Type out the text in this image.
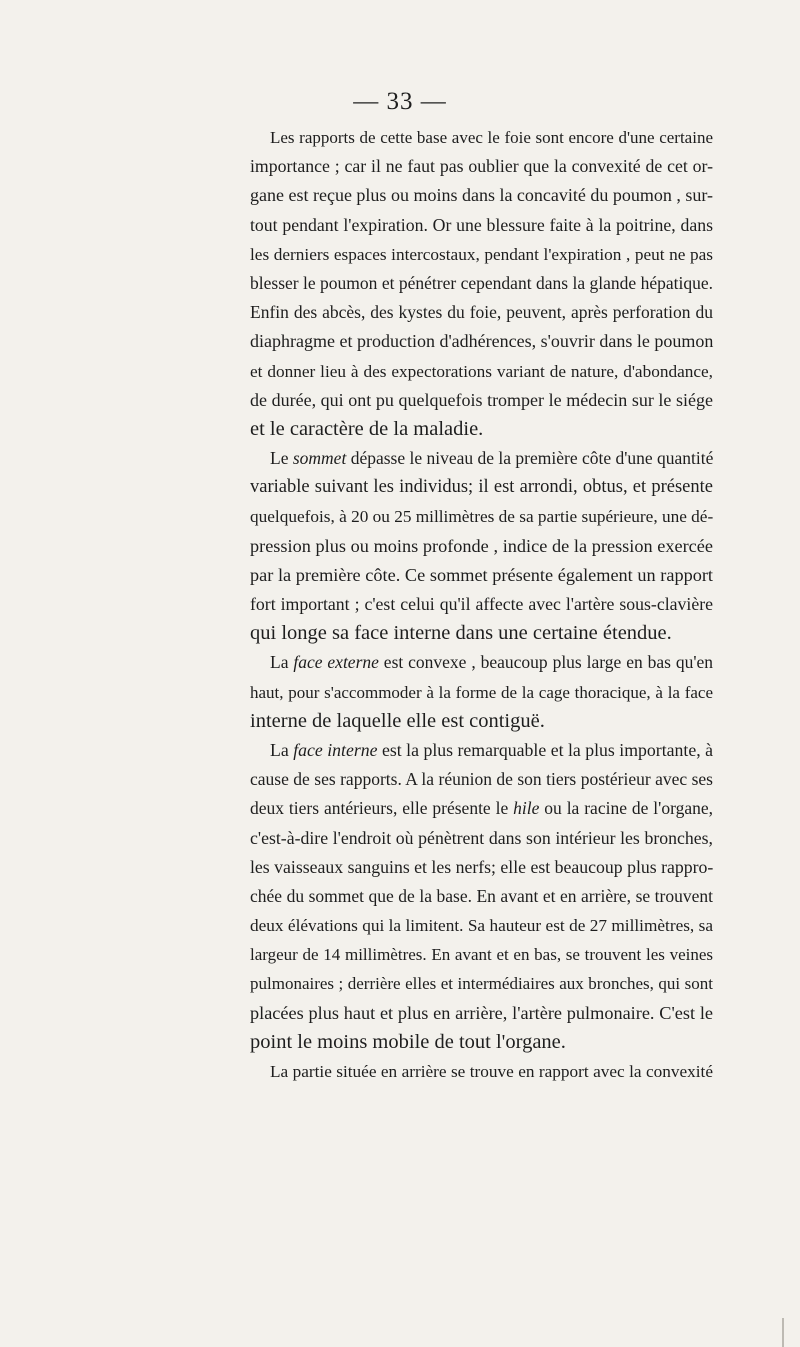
— 33 —
Les rapports de cette base avec le foie sont encore d'une certaine
importance ; car il ne faut pas oublier que la convexité de cet or-
gane est reçue plus ou moins dans la concavité du poumon , sur-
tout pendant l'expiration. Or une blessure faite à la poitrine, dans
les derniers espaces intercostaux, pendant l'expiration , peut ne pas
blesser le poumon et pénétrer cependant dans la glande hépatique.
Enfin des abcès, des kystes du foie, peuvent, après perforation du
diaphragme et production d'adhérences, s'ouvrir dans le poumon
et donner lieu à des expectorations variant de nature, d'abondance,
de durée, qui ont pu quelquefois tromper le médecin sur le siége
et le caractère de la maladie.
Le sommet dépasse le niveau de la première côte d'une quantité
variable suivant les individus; il est arrondi, obtus, et présente
quelquefois, à 20 ou 25 millimètres de sa partie supérieure, une dé-
pression plus ou moins profonde , indice de la pression exercée
par la première côte. Ce sommet présente également un rapport
fort important ; c'est celui qu'il affecte avec l'artère sous-clavière
qui longe sa face interne dans une certaine étendue.
La face externe est convexe , beaucoup plus large en bas qu'en
haut, pour s'accommoder à la forme de la cage thoracique, à la face
interne de laquelle elle est contiguë.
La face interne est la plus remarquable et la plus importante, à
cause de ses rapports. A la réunion de son tiers postérieur avec ses
deux tiers antérieurs, elle présente le hile ou la racine de l'organe,
c'est-à-dire l'endroit où pénètrent dans son intérieur les bronches,
les vaisseaux sanguins et les nerfs; elle est beaucoup plus rappro-
chée du sommet que de la base. En avant et en arrière, se trouvent
deux élévations qui la limitent. Sa hauteur est de 27 millimètres, sa
largeur de 14 millimètres. En avant et en bas, se trouvent les veines
pulmonaires ; derrière elles et intermédiaires aux bronches, qui sont
placées plus haut et plus en arrière, l'artère pulmonaire. C'est le
point le moins mobile de tout l'organe.
La partie située en arrière se trouve en rapport avec la convexité
